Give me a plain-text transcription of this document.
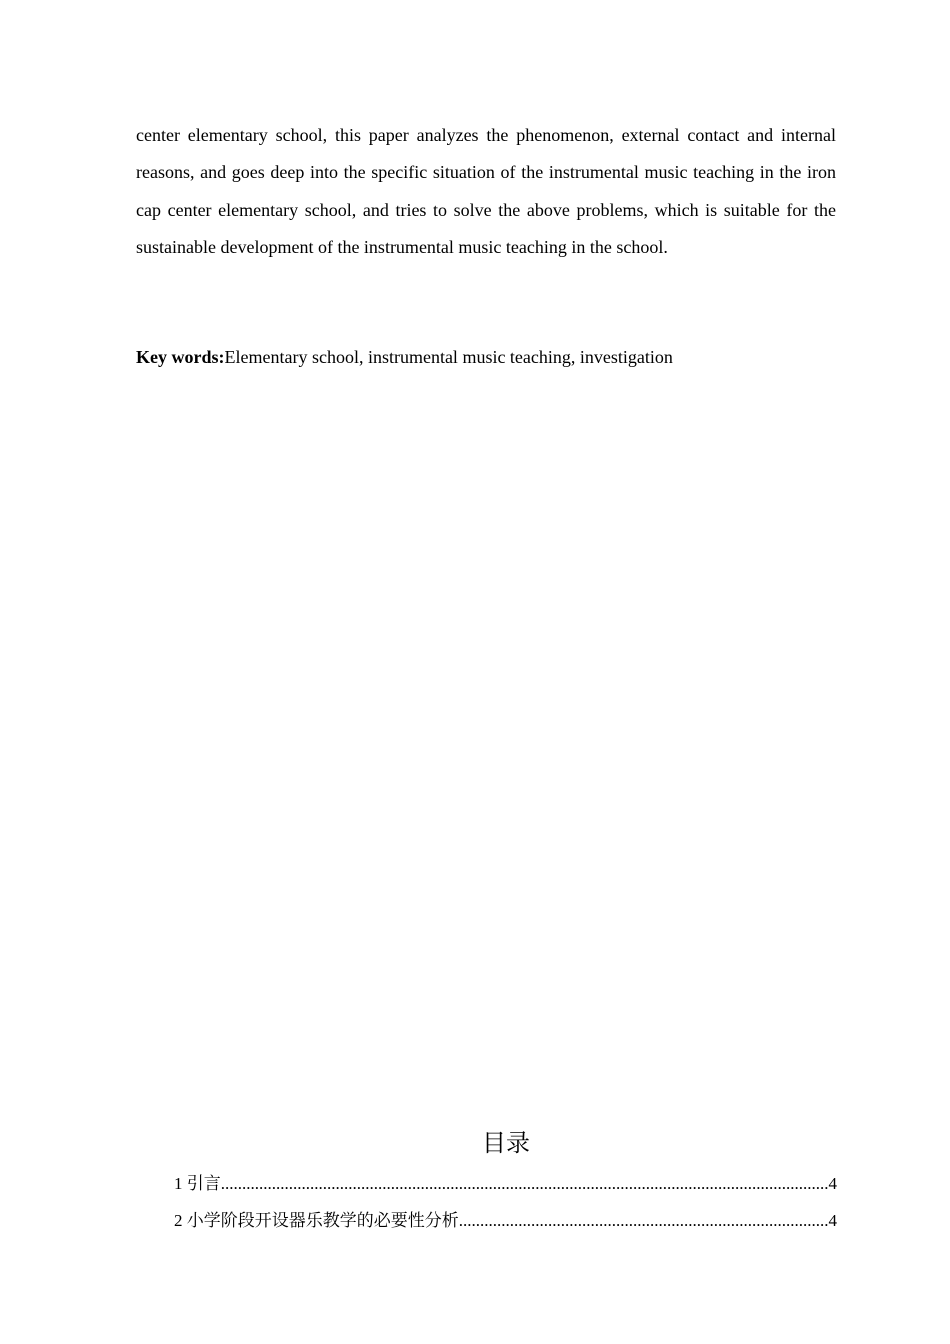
center elementary school, this paper analyzes the phenomenon, external contact and internal reasons, and goes deep into the specific situation of the instrumental music teaching in the iron cap center elementary school, and tries to solve the above problems, which is suitable for the sustainable development of the instrumental music teaching in the school.

Key words:Elementary school, instrumental music teaching, investigation

目录
1 引言 .....	4
2 小学阶段开设器乐教学的必要性分析 .....	4
